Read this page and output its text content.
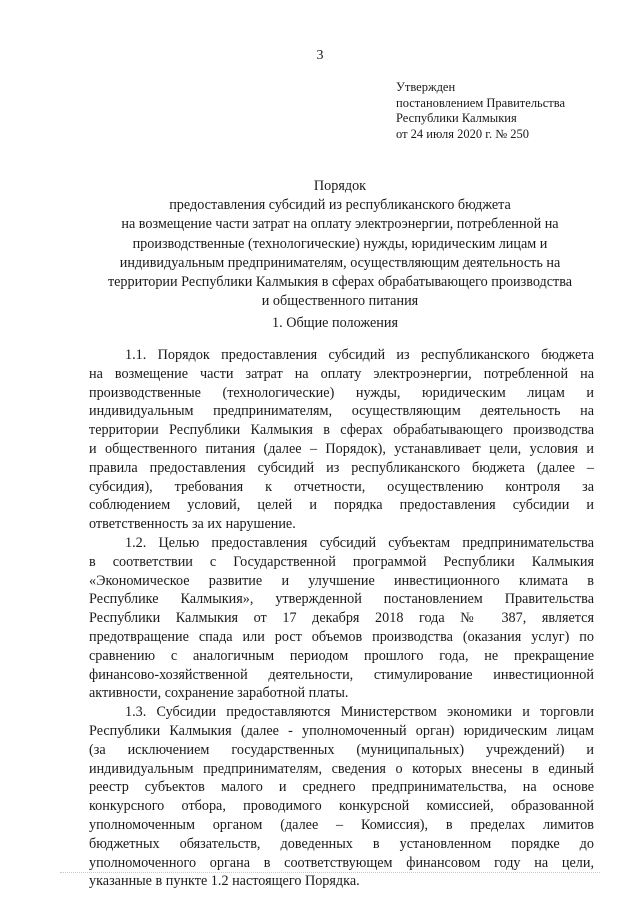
3
Утвержден
постановлением Правительства
Республики Калмыкия
от 24 июля 2020 г. № 250
Порядок
предоставления субсидий из республиканского бюджета
на возмещение части затрат на оплату электроэнергии, потребленной на
производственные (технологические) нужды, юридическим лицам и
индивидуальным предпринимателям, осуществляющим деятельность на
территории Республики Калмыкия в сферах обрабатывающего производства
и общественного питания
1. Общие положения
1.1. Порядок предоставления субсидий из республиканского бюджета
на возмещение части затрат на оплату электроэнергии, потребленной на
производственные (технологические) нужды, юридическим лицам и
индивидуальным предпринимателям, осуществляющим деятельность на
территории Республики Калмыкия в сферах обрабатывающего производства
и общественного питания (далее – Порядок), устанавливает цели, условия и
правила предоставления субсидий из республиканского бюджета (далее –
субсидия), требования к отчетности, осуществлению контроля за
соблюдением условий, целей и порядка предоставления субсидии и
ответственность за их нарушение.
1.2. Целью предоставления субсидий субъектам предпринимательства
в соответствии с Государственной программой Республики Калмыкия
«Экономическое развитие и улучшение инвестиционного климата в
Республике Калмыкия», утвержденной постановлением Правительства
Республики Калмыкия от 17 декабря 2018 года № 387, является
предотвращение спада или рост объемов производства (оказания услуг) по
сравнению с аналогичным периодом прошлого года, не прекращение
финансово-хозяйственной деятельности, стимулирование инвестиционной
активности, сохранение заработной платы.
1.3. Субсидии предоставляются Министерством экономики и торговли
Республики Калмыкия (далее - уполномоченный орган) юридическим лицам
(за исключением государственных (муниципальных) учреждений) и
индивидуальным предпринимателям, сведения о которых внесены в единый
реестр субъектов малого и среднего предпринимательства, на основе
конкурсного отбора, проводимого конкурсной комиссией, образованной
уполномоченным органом (далее – Комиссия), в пределах лимитов
бюджетных обязательств, доведенных в установленном порядке до
уполномоченного органа в соответствующем финансовом году на цели,
указанные в пункте 1.2 настоящего Порядка.
